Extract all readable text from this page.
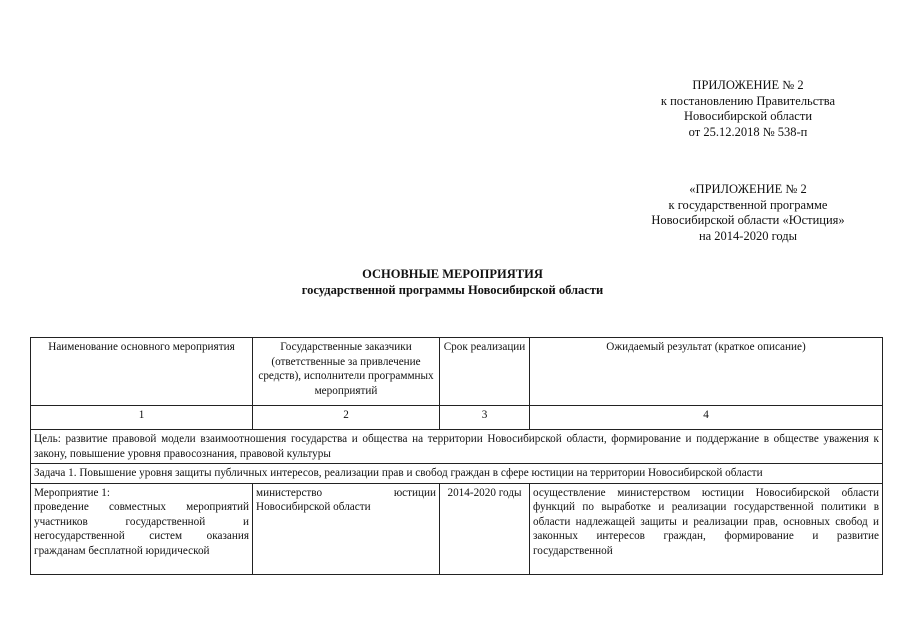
ПРИЛОЖЕНИЕ № 2
к постановлению Правительства
Новосибирской области
от 25.12.2018 № 538-п
«ПРИЛОЖЕНИЕ № 2
к государственной программе
Новосибирской области «Юстиция»
на 2014-2020 годы
ОСНОВНЫЕ МЕРОПРИЯТИЯ
государственной программы Новосибирской области
Наименование основного мероприятия	Государственные заказчики (ответственные за привлечение средств), исполнители программных мероприятий	Срок реализации	Ожидаемый результат (краткое описание)
1	2	3	4
Цель: развитие правовой модели взаимоотношения государства и общества на территории Новосибирской области, формирование и поддержание в обществе уважения к закону, повышение уровня правосознания, правовой культуры			
Задача 1. Повышение уровня защиты публичных интересов, реализации прав и свобод граждан в сфере юстиции на территории Новосибирской области			

Мероприятие 1:
проведение совместных мероприятий участников государственной и негосударственной систем оказания гражданам бесплатной юридической	министерство юстиции Новосибирской области	2014-2020 годы	осуществление министерством юстиции Новосибирской области функций по выработке и реализации государственной политики в области надлежащей защиты и реализации прав, основных свобод и законных интересов граждан, формирование и развитие государственной
